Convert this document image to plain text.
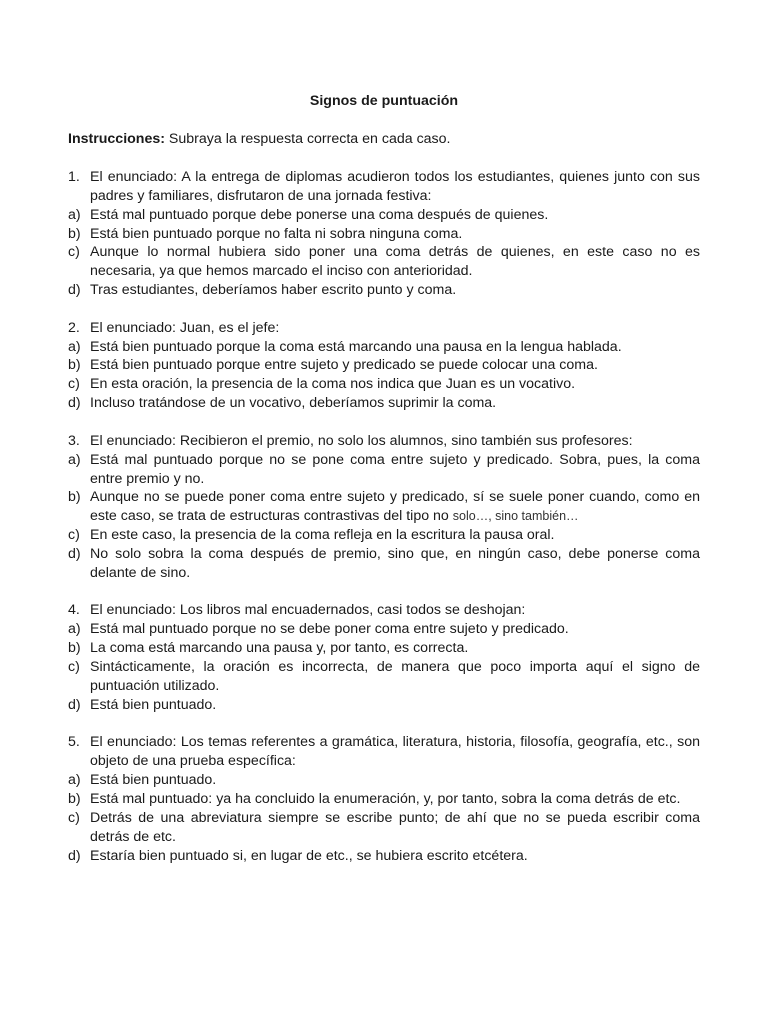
Signos de puntuación
Instrucciones: Subraya la respuesta correcta en cada caso.
1. El enunciado: A la entrega de diplomas acudieron todos los estudiantes, quienes junto con sus padres y familiares, disfrutaron de una jornada festiva:
a) Está mal puntuado porque debe ponerse una coma después de quienes.
b) Está bien puntuado porque no falta ni sobra ninguna coma.
c) Aunque lo normal hubiera sido poner una coma detrás de quienes, en este caso no es necesaria, ya que hemos marcado el inciso con anterioridad.
d) Tras estudiantes, deberíamos haber escrito punto y coma.
2. El enunciado: Juan, es el jefe:
a) Está bien puntuado porque la coma está marcando una pausa en la lengua hablada.
b) Está bien puntuado porque entre sujeto y predicado se puede colocar una coma.
c) En esta oración, la presencia de la coma nos indica que Juan es un vocativo.
d) Incluso tratándose de un vocativo, deberíamos suprimir la coma.
3. El enunciado: Recibieron el premio, no solo los alumnos, sino también sus profesores:
a) Está mal puntuado porque no se pone coma entre sujeto y predicado. Sobra, pues, la coma entre premio y no.
b) Aunque no se puede poner coma entre sujeto y predicado, sí se suele poner cuando, como en este caso, se trata de estructuras contrastivas del tipo no solo…, sino también…
c) En este caso, la presencia de la coma refleja en la escritura la pausa oral.
d) No solo sobra la coma después de premio, sino que, en ningún caso, debe ponerse coma delante de sino.
4. El enunciado: Los libros mal encuadernados, casi todos se deshojan:
a) Está mal puntuado porque no se debe poner coma entre sujeto y predicado.
b) La coma está marcando una pausa y, por tanto, es correcta.
c) Sintácticamente, la oración es incorrecta, de manera que poco importa aquí el signo de puntuación utilizado.
d) Está bien puntuado.
5. El enunciado: Los temas referentes a gramática, literatura, historia, filosofía, geografía, etc., son objeto de una prueba específica:
a) Está bien puntuado.
b) Está mal puntuado: ya ha concluido la enumeración, y, por tanto, sobra la coma detrás de etc.
c) Detrás de una abreviatura siempre se escribe punto; de ahí que no se pueda escribir coma detrás de etc.
d) Estaría bien puntuado si, en lugar de etc., se hubiera escrito etcétera.
